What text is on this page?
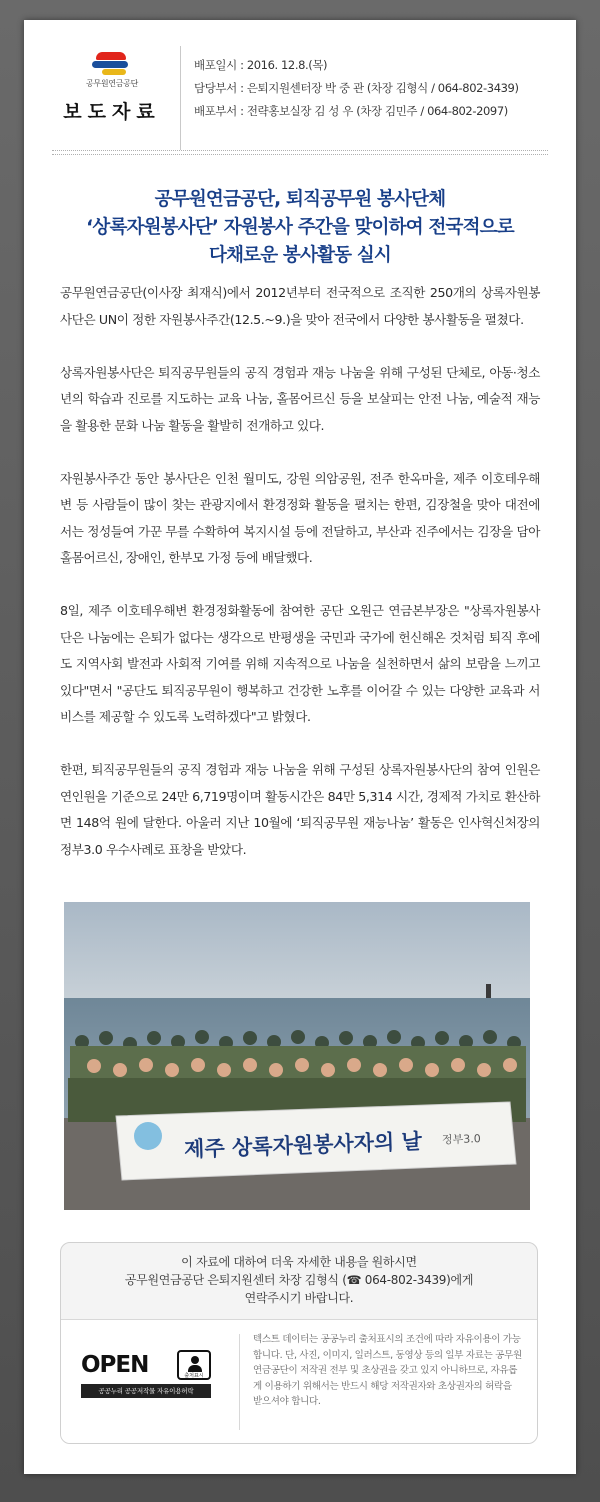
공무원연금공단
보도자료
배포일시 : 2016. 12.8.(목)
담당부서 : 은퇴지원센터장 박 중 관 (차장 김형식 / 064-802-3439)
배포부서 : 전략홍보실장 김 성 우 (차장 김민주 / 064-802-2097)
공무원연금공단, 퇴직공무원 봉사단체
‘상록자원봉사단’ 자원봉사 주간을 맞이하여 전국적으로
다채로운 봉사활동 실시

공무원연금공단(이사장 최재식)에서 2012년부터 전국적으로 조직한 250개의 상록자원봉사단은 UN이 정한 자원봉사주간(12.5.~9.)을 맞아 전국에서 다양한 봉사활동을 펼쳤다.

상록자원봉사단은 퇴직공무원들의 공직 경험과 재능 나눔을 위해 구성된 단체로, 아동·청소년의 학습과 진로를 지도하는 교육 나눔, 홀몸어르신 등을 보살피는 안전 나눔, 예술적 재능을 활용한 문화 나눔 활동을 활발히 전개하고 있다.

자원봉사주간 동안 봉사단은 인천 월미도, 강원 의암공원, 전주 한옥마을, 제주 이호테우해변 등 사람들이 많이 찾는 관광지에서 환경정화 활동을 펼치는 한편, 김장철을 맞아 대전에서는 정성들여 가꾼 무를 수확하여 복지시설 등에 전달하고, 부산과 진주에서는 김장을 담아 홀몸어르신, 장애인, 한부모 가정 등에 배달했다.

8일, 제주 이호테우해변 환경정화활동에 참여한 공단 오원근 연금본부장은 "상록자원봉사단은 나눔에는 은퇴가 없다는 생각으로 반평생을 국민과 국가에 헌신해온 것처럼 퇴직 후에도 지역사회 발전과 사회적 기여를 위해 지속적으로 나눔을 실천하면서 삶의 보람을 느끼고 있다"면서 "공단도 퇴직공무원이 행복하고 건강한 노후를 이어갈 수 있는 다양한 교육과 서비스를 제공할 수 있도록 노력하겠다"고 밝혔다.

한편, 퇴직공무원들의 공직 경험과 재능 나눔을 위해 구성된 상록자원봉사단의 참여 인원은 연인원을 기준으로 24만 6,719명이며 활동시간은 84만 5,314 시간, 경제적 가치로 환산하면 148억 원에 달한다. 아울러 지난 10월에 ‘퇴직공무원 재능나눔’ 활동은 인사혁신처장의 정부3.0 우수사례로 표창을 받았다.

제주 상록자원봉사자의 날 정부3.0
이 자료에 대하여 더욱 자세한 내용을 원하시면
공무원연금공단 은퇴지원센터 차장 김형식 (☎ 064-802-3439)에게
연락주시기 바랍니다.
OPEN	출처표시
공공누리 공공저작물 자유이용허락
텍스트 데이터는 공공누리 출처표시의 조건에 따라 자유이용이 가능합니다. 단, 사진, 이미지, 일러스트, 동영상 등의 일부 자료는 공무원연금공단이 저작권 전부 및 초상권을 갖고 있지 아니하므로, 자유롭게 이용하기 위해서는 반드시 해당 저작권자와 초상권자의 허락을 받으셔야 합니다.
